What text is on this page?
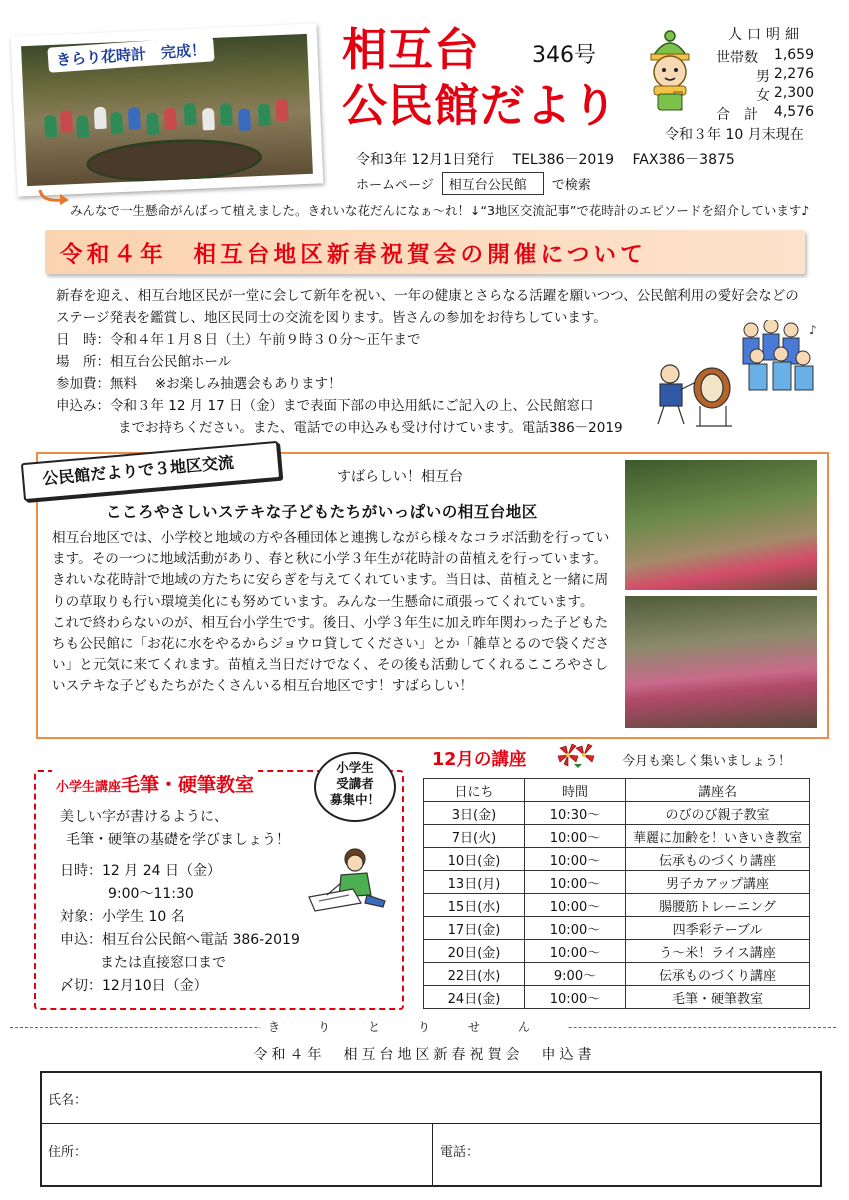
きらり花時計　完成！	相互台
公民館だより
346号
人口明細
世帯数 1,659
男 2,276
女 2,300
合　計 4,576
令和３年 10 月末現在
令和3年 12月1日発行　 TEL386－2019　 FAX386－3875
ホームページ	相互台公民館	で検索
みんなで一生懸命がんばって植えました。きれいな花だんになぁ～れ！↓“3地区交流記事”で花時計のエピソードを紹介しています♪
令和４年　相互台地区新春祝賀会の開催について
新春を迎え、相互台地区民が一堂に会して新年を祝い、一年の健康とさらなる活躍を願いつつ、公民館利用の愛好会などのステージ発表を鑑賞し、地区民同士の交流を図ります。皆さんの参加をお待ちしています。
日　時：令和４年１月８日（土）午前９時３０分～正午まで
場　所：相互台公民館ホール
参加費：無料　 ※お楽しみ抽選会もあります！
申込み：令和３年 12 月 17 日（金）まで表面下部の申込用紙にご記入の上、公民館窓口
までお持ちください。また、電話での申込みも受け付けています。電話386－2019
♪
公民館だよりで３地区交流	すばらしい！相互台
こころやさしいステキな子どもたちがいっぱいの相互台地区

相互台地区では、小学校と地域の方や各種団体と連携しながら様々なコラボ活動を行っています。その一つに地域活動があり、春と秋に小学３年生が花時計の苗植えを行っています。きれいな花時計で地域の方たちに安らぎを与えてくれています。当日は、苗植えと一緒に周りの草取りも行い環境美化にも努めています。みんな一生懸命に頑張ってくれています。

これで終わらないのが、相互台小学生です。後日、小学３年生に加え昨年関わった子どもたちも公民館に「お花に水をやるからジョウロ貸してください」とか「雑草とるので袋ください」と元気に来てくれます。苗植え当日だけでなく、その後も活動してくれるこころやさしいステキな子どもたちがたくさんいる相互台地区です！すばらしい！

小学生講座毛筆・硬筆教室
小学生
受講者
募集中！
美しい字が書けるように、
毛筆・硬筆の基礎を学びましょう！
日時：12 月 24 日（金）
9:00～11:30
対象：小学生 10 名
申込：相互台公民館へ電話 386-2019
または直接窓口まで
〆切：12月10日（金）
12月の講座	今月も楽しく集いましょう！
日にち	時間	講座名
3日(金)	10:30～	のびのび親子教室
7日(火)	10:00～	華麗に加齢を！いきいき教室
10日(金)	10:00～	伝承ものづくり講座
13日(月)	10:00～	男子カアップ講座
15日(水)	10:00～	腸腰筋トレーニング
17日(金)	10:00～	四季彩テーブル
20日(金)	10:00～	う～米！ライス講座
22日(水)	9:00～	伝承ものづくり講座
24日(金)	10:00～	毛筆・硬筆教室
きりとりせん
令和４年　相互台地区新春祝賀会　申込書
氏名：
住所：	電話：
